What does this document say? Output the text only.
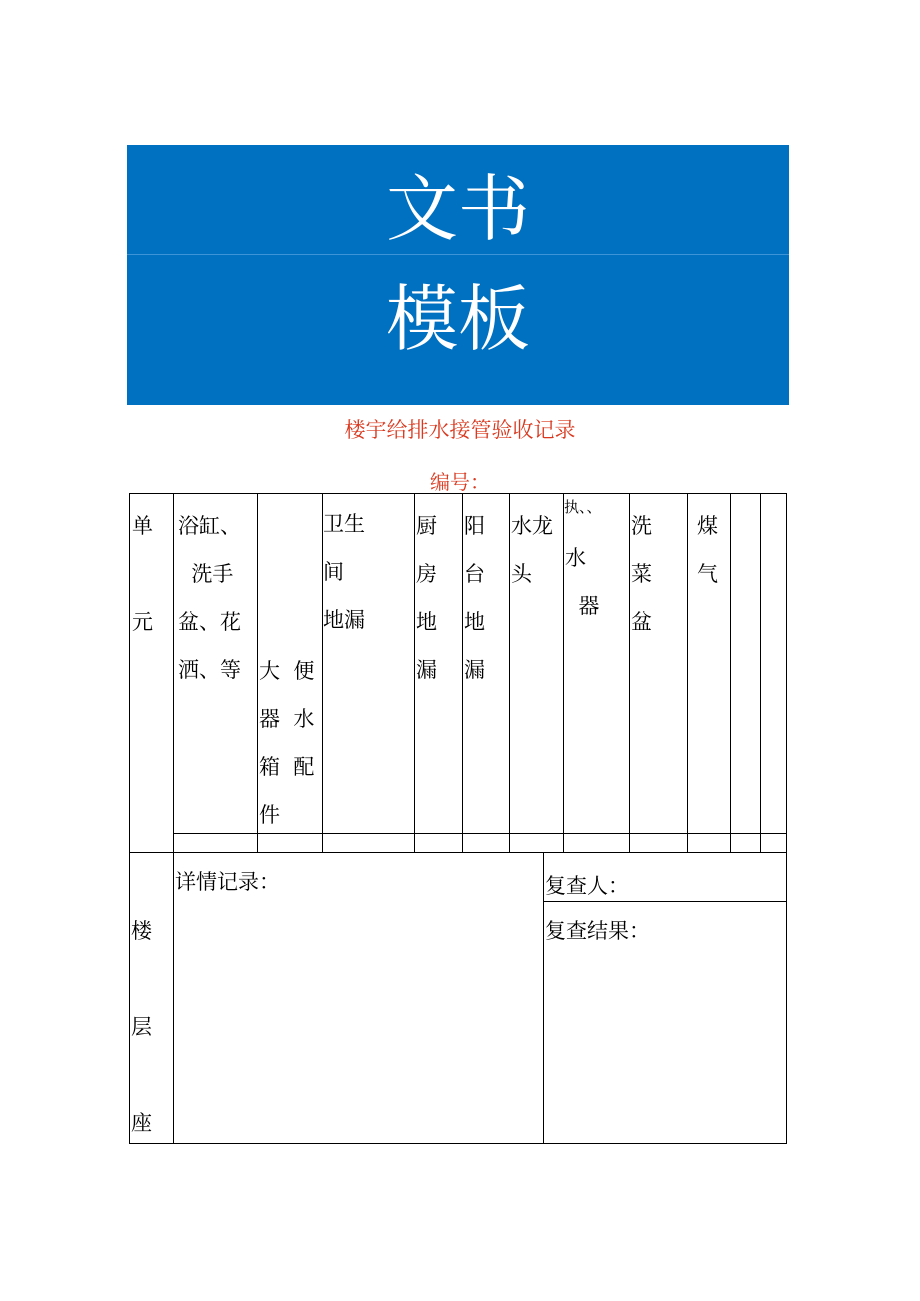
文书
模板
楼宇给排水接管验收记录
编号：
单

元
浴缸、
洗手
盆、花
洒、等 大  便
器  水
箱  配
件
卫生
间
地漏
厨
房
地
漏
阳
台
地
漏
水龙
头
执、、
水
器
洗
菜
盆
煤
气
楼

层

座
详情记录：	复查人：
复查结果：
